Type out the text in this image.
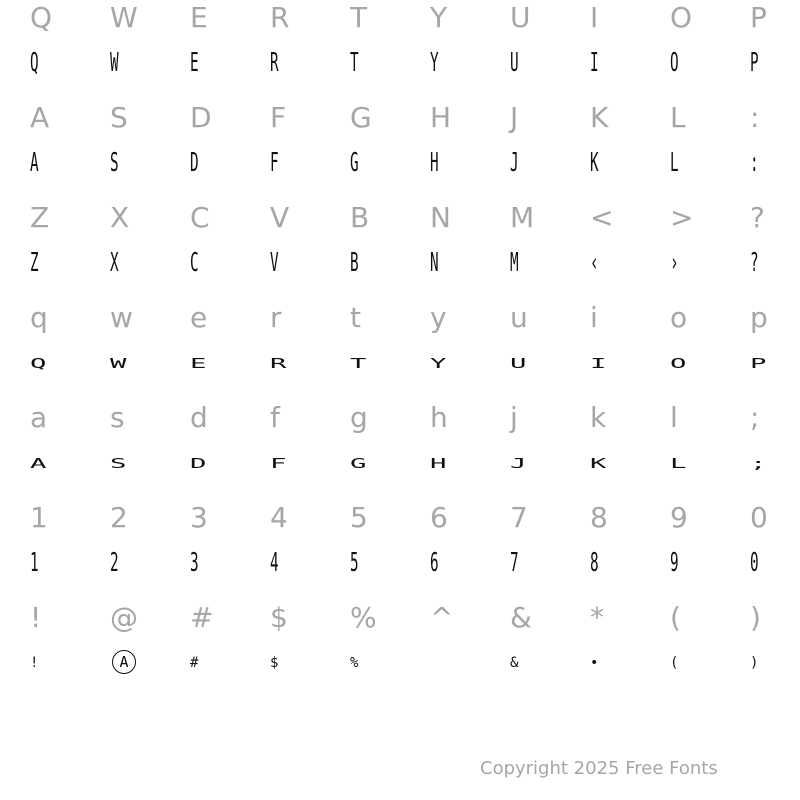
Q
Q
W
W
E
E
R
R
T
T
Y
Y
U
U
I
I
O
O
P
P
A
A
S
S
D
D
F
F
G
G
H
H
J
J
K
K
L
L
:
:
Z
Z
X
X
C
C
V
V
B
B
N
N
M
M
<
‹
>
›
?
?
q
Q
w
W
e
E
r
R
t
T
y
Y
u
U
i
I
o
O
p
P
a
A
s
S
d
D
f
F
g
G
h
H
j
J
k
K
l
L
;
;
1
1
2
2
3
3
4
4
5
5
6
6
7
7
8
8
9
9
0
0
!
!
@
A
#
#
$
$
%
%
^	&
&
*
•
(
(
)
)
Copyright 2025 Free Fonts
